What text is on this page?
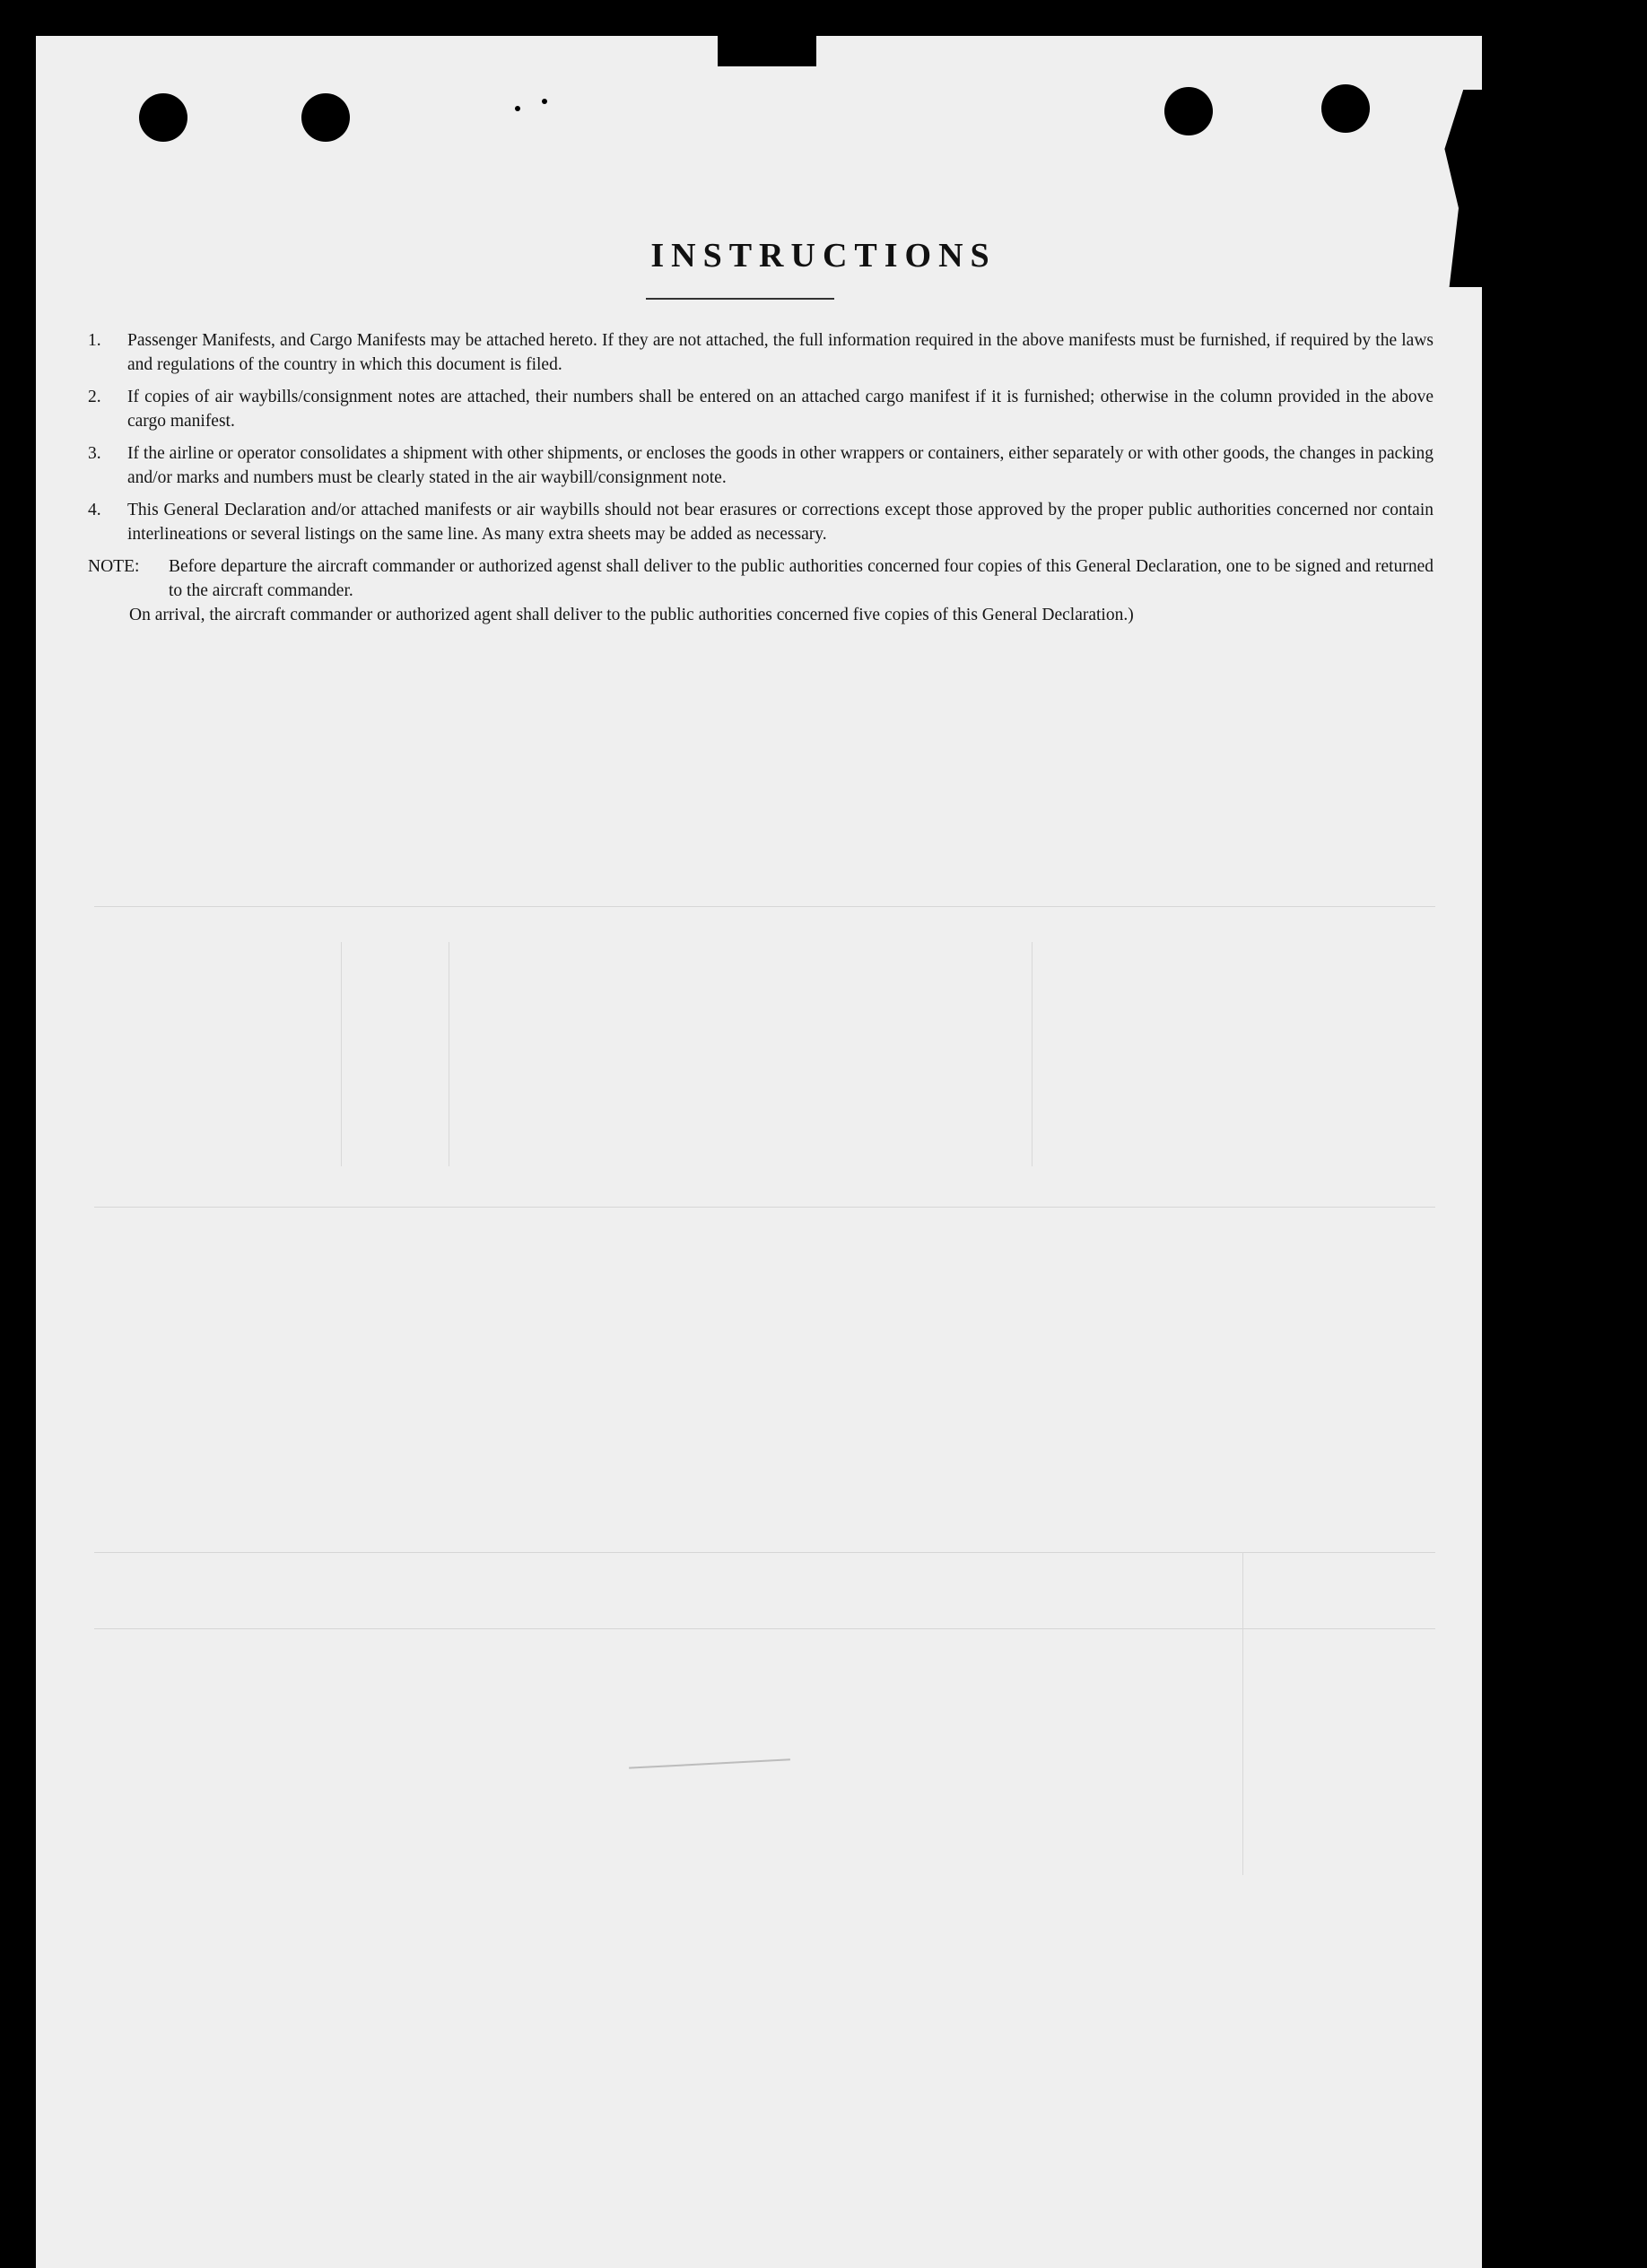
INSTRUCTIONS
1.	Passenger Manifests, and Cargo Manifests may be attached hereto. If they are not attached, the full information required in the above manifests must be furnished, if required by the laws and regulations of the country in which this document is filed.
2.	If copies of air waybills/consignment notes are attached, their numbers shall be entered on an attached cargo manifest if it is furnished; otherwise in the column provided in the above cargo manifest.
3.	If the airline or operator consolidates a shipment with other shipments, or encloses the goods in other wrappers or containers, either separately or with other goods, the changes in packing and/or marks and numbers must be clearly stated in the air waybill/consignment note.
4.	This General Declaration and/or attached manifests or air waybills should not bear erasures or corrections except those approved by the proper public authorities concerned nor contain interlineations or several listings on the same line. As many extra sheets may be added as necessary.
NOTE:	Before departure the aircraft commander or authorized agenst shall deliver to the public authorities concerned four copies of this General Declaration, one to be signed and returned to the aircraft commander.
On arrival, the aircraft commander or authorized agent shall deliver to the public authorities concerned five copies of this General Declaration.)
